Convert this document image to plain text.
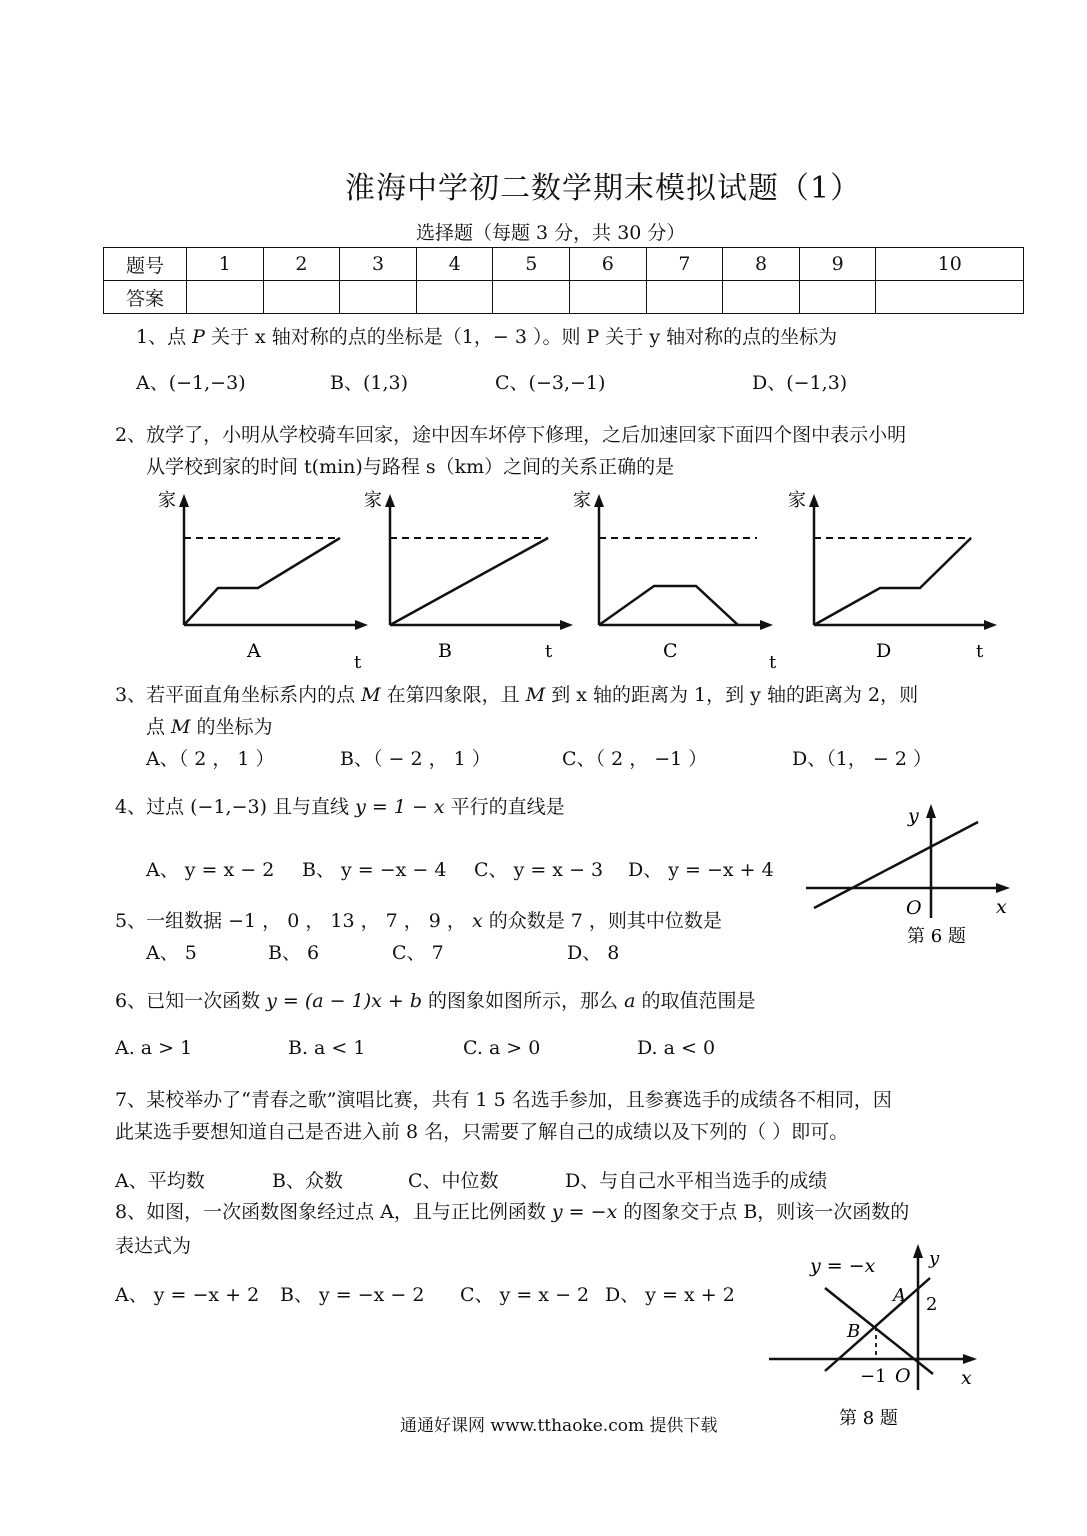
淮海中学初二数学期末模拟试题（1）
选择题（每题 3 分，共 30 分）
题号	1	2	3	4	5	6	7	8	9	10
答案										
1、点 P 关于 x 轴对称的点的坐标是（1，− 3 ）。则 P 关于 y 轴对称的点的坐标为
A、(−1,−3)	B、(1,3)	C、(−3,−1)	D、(−1,3)
2、放学了，小明从学校骑车回家，途中因车坏停下修理，之后加速回家下面四个图中表示小明
从学校到家的时间 t(min)与路程 s（km）之间的关系正确的是
家
t
A
家
t
B
家
t
C
家
t
D
3、若平面直角坐标系内的点 M 在第四象限，且 M 到 x 轴的距离为 1，到 y 轴的距离为 2，则
点 M 的坐标为
A、（ 2 ， 1 ）	B、（ − 2 ， 1 ）	C、（ 2 ， −1 ）	D、（1， − 2 ）
4、过点 (−1,−3) 且与直线 y = 1 − x 平行的直线是
A、 y = x − 2 B、 y = −x − 4 C、 y = x − 3 D、 y = −x + 4
y
x
O
第 6 题
5、一组数据 −1 ， 0 ， 13 ， 7 ， 9 ， x 的众数是 7 ，则其中位数是
A、 5	B、 6	C、 7	D、 8
6、已知一次函数 y = (a − 1)x + b 的图象如图所示，那么 a 的取值范围是
A. a > 1	B. a < 1	C. a > 0	D. a < 0
7、某校举办了“青春之歌”演唱比赛，共有 1 5 名选手参加，且参赛选手的成绩各不相同，因
此某选手要想知道自己是否进入前 8 名，只需要了解自己的成绩以及下列的（ ）即可。
A、平均数	B、众数	C、中位数	D、与自己水平相当选手的成绩
8、如图，一次函数图象经过点 A，且与正比例函数 y = −x 的图象交于点 B，则该一次函数的
表达式为
A、 y = −x + 2 B、 y = −x − 2 C、 y = x − 2 D、 y = x + 2
y = −x	y
x
A
B
2
−1 O
第 8 题
通通好课网 www.tthaoke.com 提供下载
